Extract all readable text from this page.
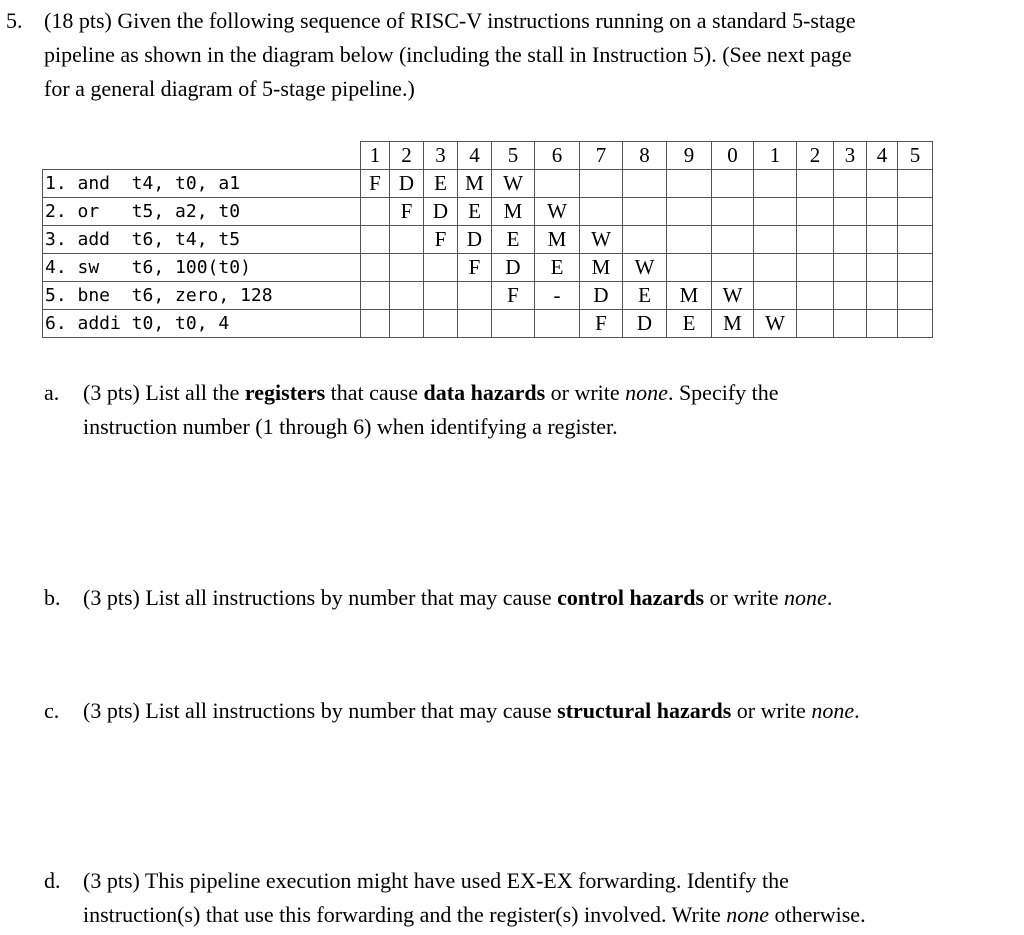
5. (18 pts) Given the following sequence of RISC-V instructions running on a standard 5-stage
pipeline as shown in the diagram below (including the stall in Instruction 5). (See next page
for a general diagram of 5-stage pipeline.)
	1	2	3	4	5	6	7	8	9	0	1	2	3	4	5
1. and  t4, t0, a1	F	D	E	M	W										
2. or   t5, a2, t0		F	D	E	M	W									
3. add  t6, t4, t5			F	D	E	M	W								
4. sw   t6, 100(t0)				F	D	E	M	W							
5. bne  t6, zero, 128					F	-	D	E	M	W					
6. addi t0, t0, 4							F	D	E	M	W				
a. (3 pts) List all the registers that cause data hazards or write none. Specify the
instruction number (1 through 6) when identifying a register.
b. (3 pts) List all instructions by number that may cause control hazards or write none.
c. (3 pts) List all instructions by number that may cause structural hazards or write none.
d. (3 pts) This pipeline execution might have used EX-EX forwarding. Identify the
instruction(s) that use this forwarding and the register(s) involved. Write none otherwise.
